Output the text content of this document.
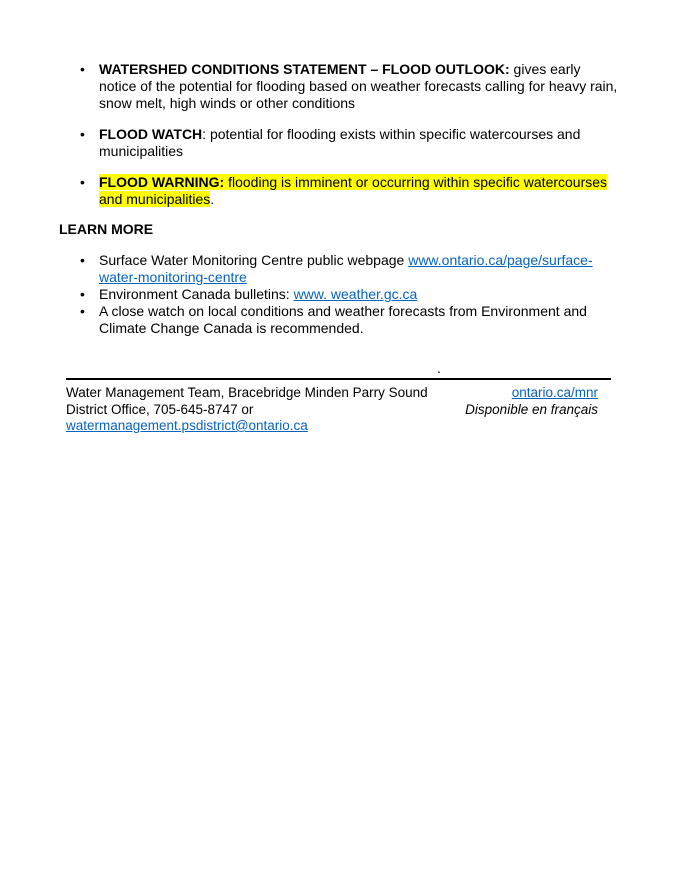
• WATERSHED CONDITIONS STATEMENT – FLOOD OUTLOOK: gives early notice of the potential for flooding based on weather forecasts calling for heavy rain, snow melt, high winds or other conditions
• FLOOD WATCH: potential for flooding exists within specific watercourses and municipalities
• FLOOD WARNING: flooding is imminent or occurring within specific watercourses and municipalities.
LEARN MORE
• Surface Water Monitoring Centre public webpage www.ontario.ca/page/surface-water-monitoring-centre
• Environment Canada bulletins: www. weather.gc.ca
• A close watch on local conditions and weather forecasts from Environment and Climate Change Canada is recommended.
.
Water Management Team, Bracebridge Minden Parry Sound
District Office, 705-645-8747 or
watermanagement.psdistrict@ontario.ca
ontario.ca/mnr
Disponible en français
